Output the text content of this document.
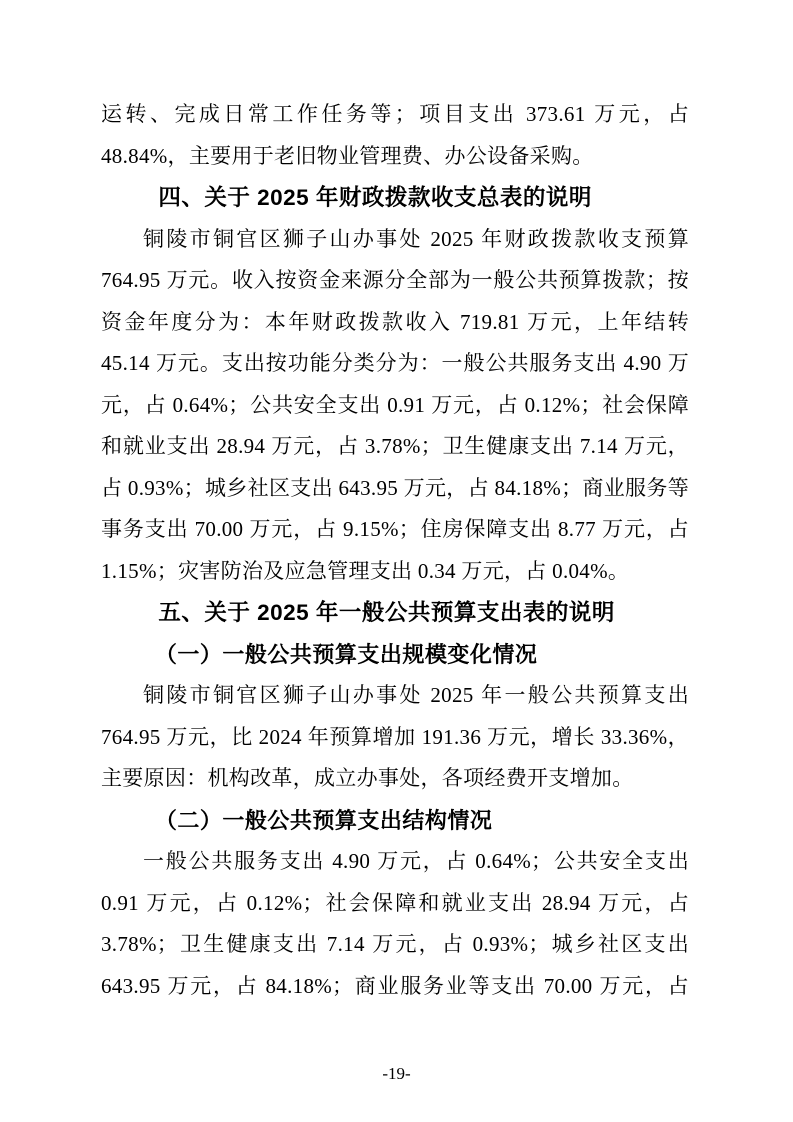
运转、完成日常工作任务等；项目支出 373.61 万元，占 48.84%，主要用于老旧物业管理费、办公设备采购。

四、关于 2025 年财政拨款收支总表的说明

铜陵市铜官区狮子山办事处 2025 年财政拨款收支预算 764.95 万元。收入按资金来源分全部为一般公共预算拨款；按资金年度分为：本年财政拨款收入 719.81 万元，上年结转 45.14 万元。支出按功能分类分为：一般公共服务支出 4.90 万元，占 0.64%；公共安全支出 0.91 万元，占 0.12%；社会保障和就业支出 28.94 万元，占 3.78%；卫生健康支出 7.14 万元，占 0.93%；城乡社区支出 643.95 万元，占 84.18%；商业服务等事务支出 70.00 万元，占 9.15%；住房保障支出 8.77 万元，占 1.15%；灾害防治及应急管理支出 0.34 万元，占 0.04%。

五、关于 2025 年一般公共预算支出表的说明

（一）一般公共预算支出规模变化情况

铜陵市铜官区狮子山办事处 2025 年一般公共预算支出 764.95 万元，比 2024 年预算增加 191.36 万元，增长 33.36%，主要原因：机构改革，成立办事处，各项经费开支增加。

（二）一般公共预算支出结构情况

一般公共服务支出 4.90 万元，占 0.64%；公共安全支出 0.91 万元，占 0.12%；社会保障和就业支出 28.94 万元，占 3.78%；卫生健康支出 7.14 万元，占 0.93%；城乡社区支出 643.95 万元，占 84.18%；商业服务业等支出 70.00 万元，占

-19-
